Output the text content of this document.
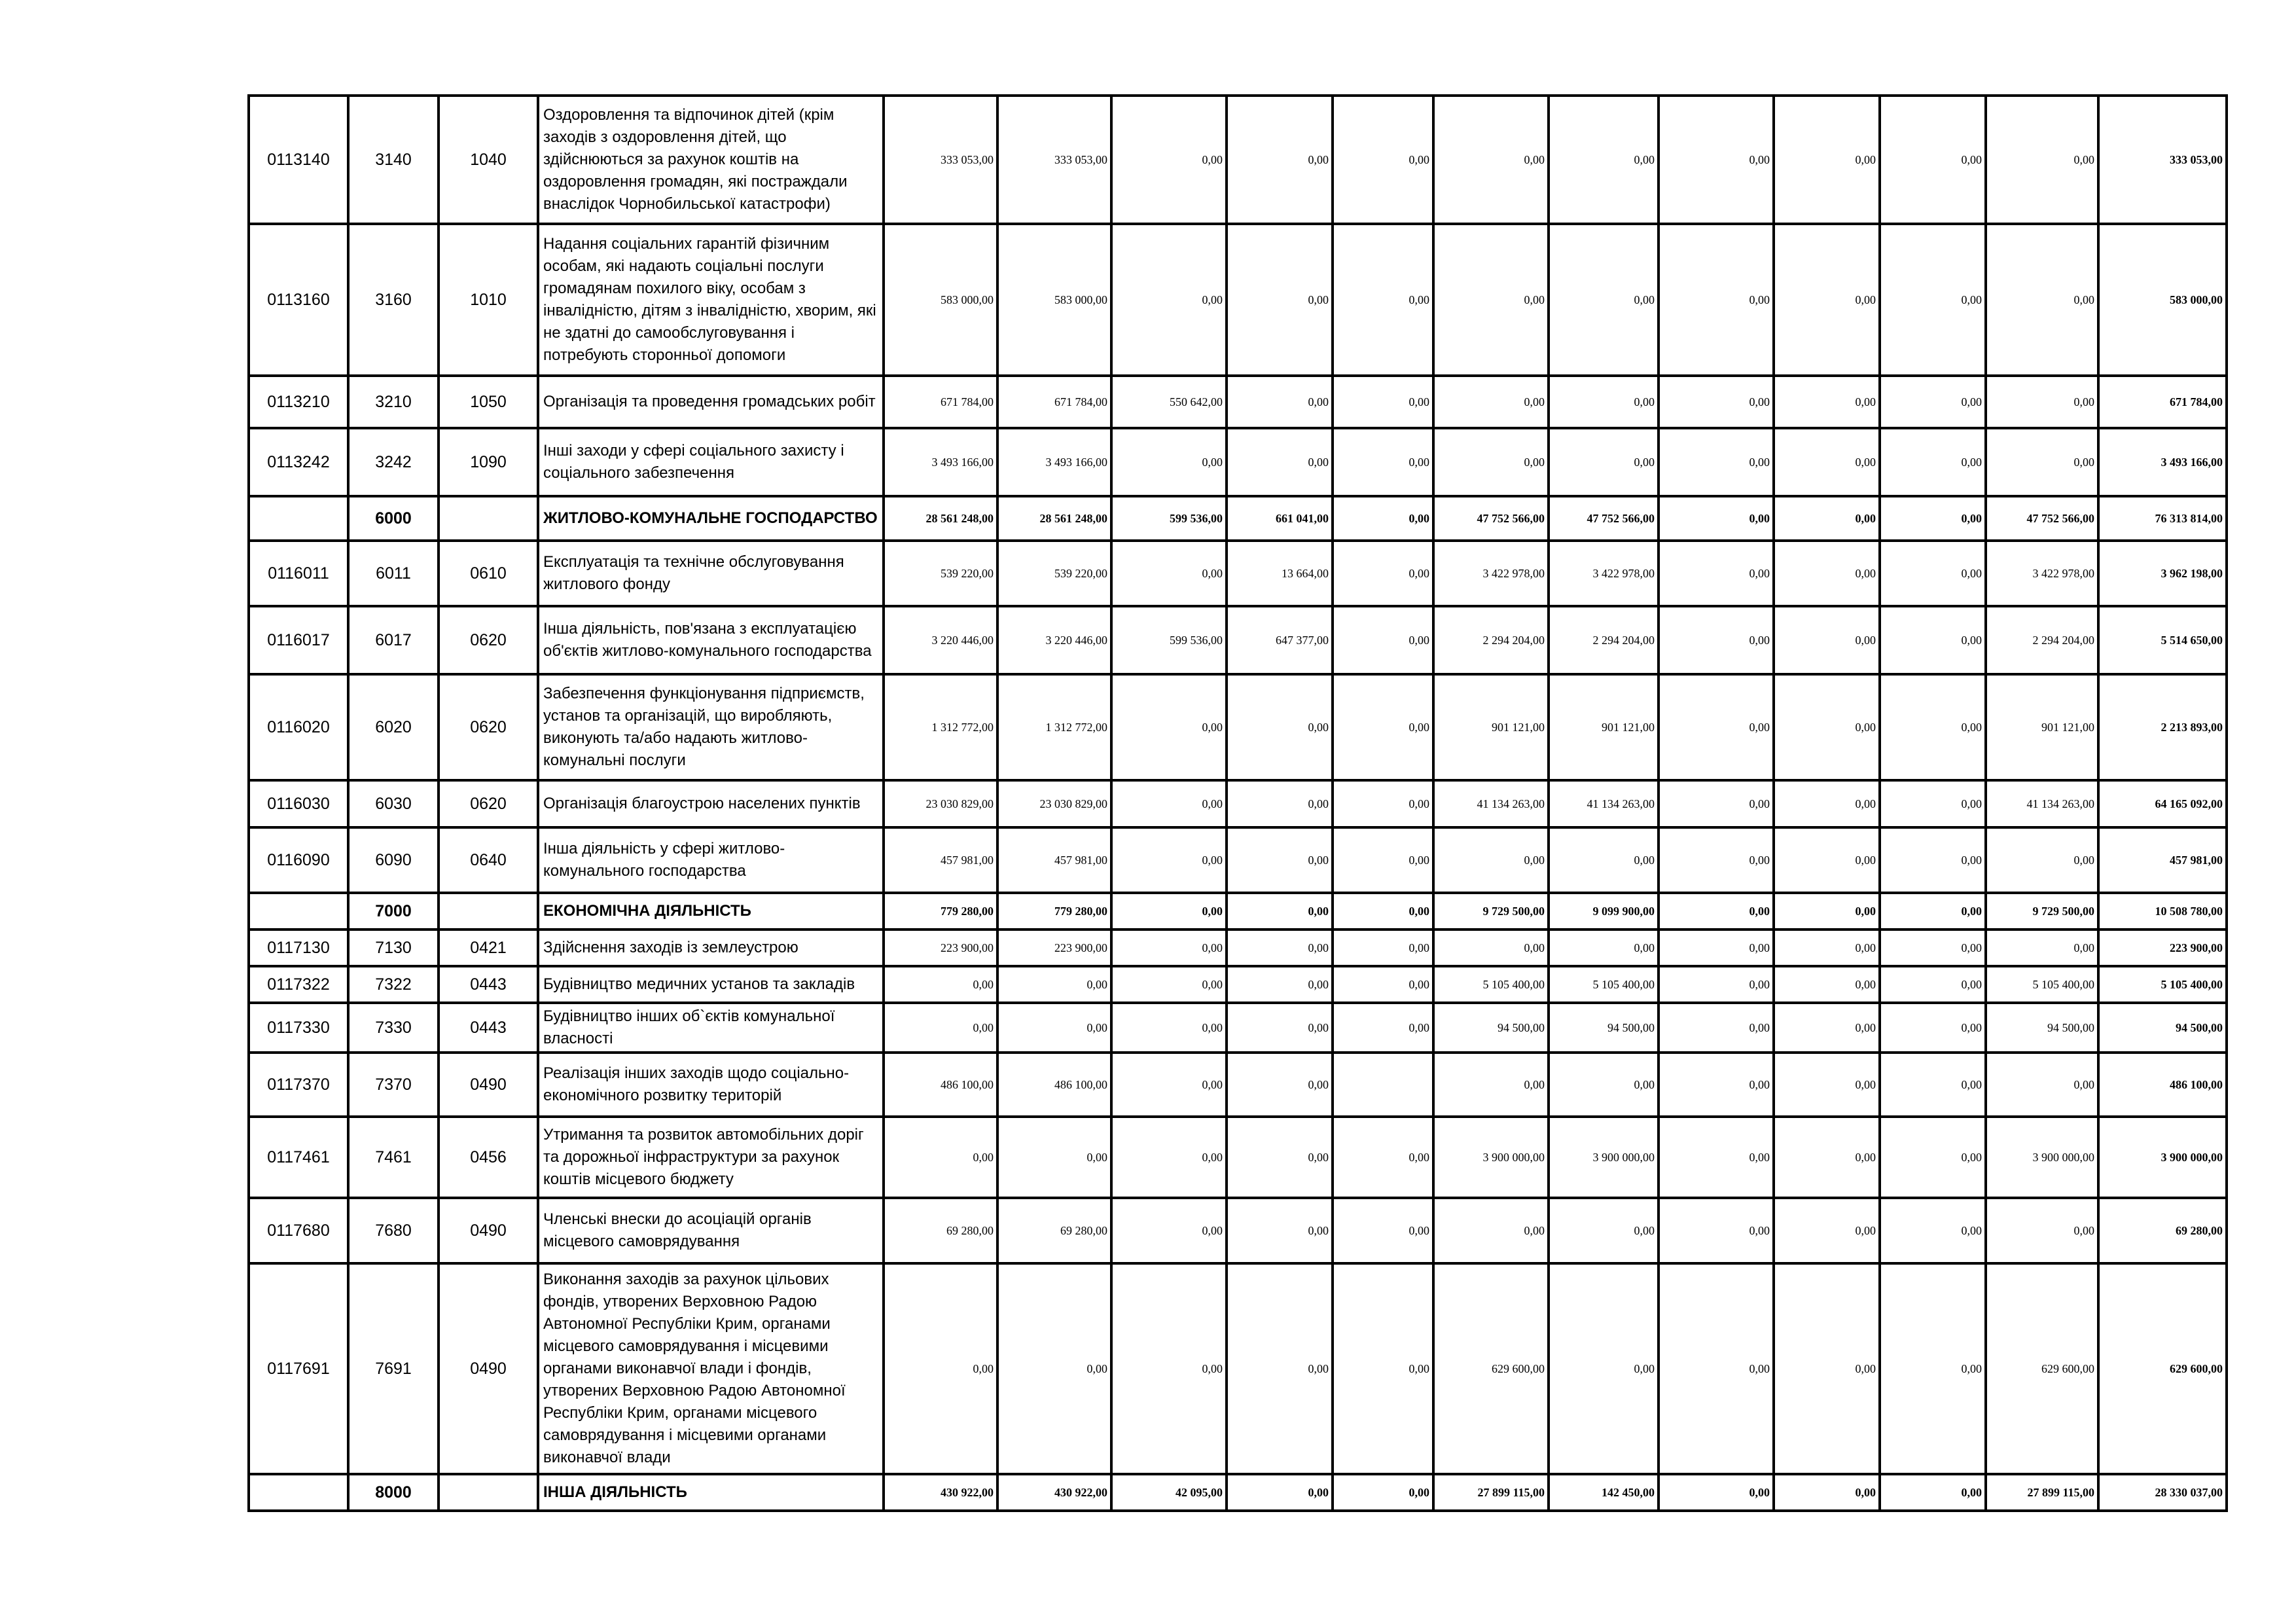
0113140	3140	1040	Оздоровлення та відпочинок дітей (крім заходів з оздоровлення дітей, що здійснюються за рахунок коштів на оздоровлення громадян, які постраждали внаслідок Чорнобильської катастрофи)	333 053,00	333 053,00	0,00	0,00	0,00	0,00	0,00	0,00	0,00	0,00	0,00	333 053,00
0113160	3160	1010	Надання соціальних гарантій фізичним особам, які надають соціальні послуги громадянам похилого віку, особам з інвалідністю, дітям з інвалідністю, хворим, які не здатні до самообслуговування і потребують сторонньої допомоги	583 000,00	583 000,00	0,00	0,00	0,00	0,00	0,00	0,00	0,00	0,00	0,00	583 000,00
0113210	3210	1050	Організація та проведення громадських робіт	671 784,00	671 784,00	550 642,00	0,00	0,00	0,00	0,00	0,00	0,00	0,00	0,00	671 784,00
0113242	3242	1090	Інші заходи у сфері соціального захисту і соціального забезпечення	3 493 166,00	3 493 166,00	0,00	0,00	0,00	0,00	0,00	0,00	0,00	0,00	0,00	3 493 166,00
	6000		ЖИТЛОВО-КОМУНАЛЬНЕ ГОСПОДАРСТВО	28 561 248,00	28 561 248,00	599 536,00	661 041,00	0,00	47 752 566,00	47 752 566,00	0,00	0,00	0,00	47 752 566,00	76 313 814,00
0116011	6011	0610	Експлуатація та технічне обслуговування житлового фонду	539 220,00	539 220,00	0,00	13 664,00	0,00	3 422 978,00	3 422 978,00	0,00	0,00	0,00	3 422 978,00	3 962 198,00
0116017	6017	0620	Інша діяльність, пов'язана з експлуатацією об'єктів житлово-комунального господарства	3 220 446,00	3 220 446,00	599 536,00	647 377,00	0,00	2 294 204,00	2 294 204,00	0,00	0,00	0,00	2 294 204,00	5 514 650,00
0116020	6020	0620	Забезпечення функціонування підприємств, установ та організацій, що виробляють, виконують та/або надають житлово-комунальні послуги	1 312 772,00	1 312 772,00	0,00	0,00	0,00	901 121,00	901 121,00	0,00	0,00	0,00	901 121,00	2 213 893,00
0116030	6030	0620	Організація благоустрою населених пунктів	23 030 829,00	23 030 829,00	0,00	0,00	0,00	41 134 263,00	41 134 263,00	0,00	0,00	0,00	41 134 263,00	64 165 092,00
0116090	6090	0640	Інша діяльність у сфері житлово-комунального господарства	457 981,00	457 981,00	0,00	0,00	0,00	0,00	0,00	0,00	0,00	0,00	0,00	457 981,00
	7000		ЕКОНОМІЧНА ДІЯЛЬНІСТЬ	779 280,00	779 280,00	0,00	0,00	0,00	9 729 500,00	9 099 900,00	0,00	0,00	0,00	9 729 500,00	10 508 780,00
0117130	7130	0421	Здійснення заходів із землеустрою	223 900,00	223 900,00	0,00	0,00	0,00	0,00	0,00	0,00	0,00	0,00	0,00	223 900,00
0117322	7322	0443	Будівництво медичних установ та закладів	0,00	0,00	0,00	0,00	0,00	5 105 400,00	5 105 400,00	0,00	0,00	0,00	5 105 400,00	5 105 400,00
0117330	7330	0443	Будівництво інших об`єктів комунальної власності	0,00	0,00	0,00	0,00	0,00	94 500,00	94 500,00	0,00	0,00	0,00	94 500,00	94 500,00
0117370	7370	0490	Реалізація інших заходів щодо соціально-економічного розвитку територій	486 100,00	486 100,00	0,00	0,00		0,00	0,00	0,00	0,00	0,00	0,00	486 100,00
0117461	7461	0456	Утримання та розвиток автомобільних доріг та дорожньої інфраструктури за рахунок коштів місцевого бюджету	0,00	0,00	0,00	0,00	0,00	3 900 000,00	3 900 000,00	0,00	0,00	0,00	3 900 000,00	3 900 000,00
0117680	7680	0490	Членські внески до асоціацій органів місцевого самоврядування	69 280,00	69 280,00	0,00	0,00	0,00	0,00	0,00	0,00	0,00	0,00	0,00	69 280,00
0117691	7691	0490	Виконання заходів за рахунок цільових фондів, утворених Верховною Радою Автономної Республіки Крим, органами місцевого самоврядування і місцевими органами виконавчої влади і фондів, утворених Верховною Радою Автономної Республіки Крим, органами місцевого самоврядування і місцевими органами виконавчої влади	0,00	0,00	0,00	0,00	0,00	629 600,00	0,00	0,00	0,00	0,00	629 600,00	629 600,00
	8000		ІНША ДІЯЛЬНІСТЬ	430 922,00	430 922,00	42 095,00	0,00	0,00	27 899 115,00	142 450,00	0,00	0,00	0,00	27 899 115,00	28 330 037,00
